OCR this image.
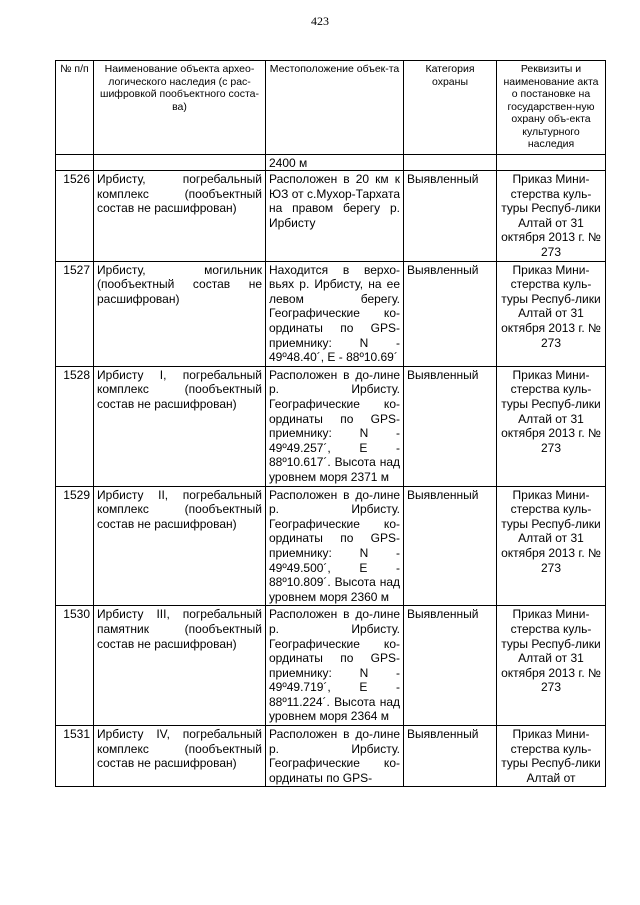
423
№ п/п	Наименование объекта архео-логического наследия (с рас-шифровкой пообъектного соста-ва)	Местоположение объек-та	Категория охраны	Реквизиты и наименование акта о постановке на государствен-ную охрану объ-екта культурного наследия
		2400 м		
1526	Ирбисту, погребальный комплекс (пообъектный состав не расшифрован)	Расположен в 20 км к ЮЗ от с.Мухор-Тархата на правом берегу р. Ирбисту	Выявленный	Приказ Мини-стерства куль-туры Респуб-лики Алтай от 31 октября 2013 г. № 273
1527	Ирбисту, могильник (пообъектный состав не расшифрован)	Находится в верхо-вьях р. Ирбисту, на ее левом берегу. Географические ко-ординаты по GPS-приемнику: N - 49º48.40´, E - 88º10.69´	Выявленный	Приказ Мини-стерства куль-туры Респуб-лики Алтай от 31 октября 2013 г. № 273
1528	Ирбисту I, погребальный комплекс (пообъектный состав не расшифрован)	Расположен в до-лине р. Ирбисту. Географические ко-ординаты по GPS-приемнику: N - 49º49.257´, E - 88º10.617´. Высота над уровнем моря 2371 м	Выявленный	Приказ Мини-стерства куль-туры Респуб-лики Алтай от 31 октября 2013 г. № 273
1529	Ирбисту II, погребальный комплекс (пообъектный состав не расшифрован)	Расположен в до-лине р. Ирбисту. Географические ко-ординаты по GPS-приемнику: N - 49º49.500´, E - 88º10.809´. Высота над уровнем моря 2360 м	Выявленный	Приказ Мини-стерства куль-туры Респуб-лики Алтай от 31 октября 2013 г. № 273
1530	Ирбисту III, погребальный памятник (пообъектный состав не расшифрован)	Расположен в до-лине р. Ирбисту. Географические ко-ординаты по GPS-приемнику: N - 49º49.719´, E - 88º11.224´. Высота над уровнем моря 2364 м	Выявленный	Приказ Мини-стерства куль-туры Респуб-лики Алтай от 31 октября 2013 г. № 273
1531	Ирбисту IV, погребальный комплекс (пообъектный состав не расшифрован)	Расположен в до-лине р. Ирбисту. Географические ко-ординаты по GPS-	Выявленный	Приказ Мини-стерства куль-туры Респуб-лики Алтай от
